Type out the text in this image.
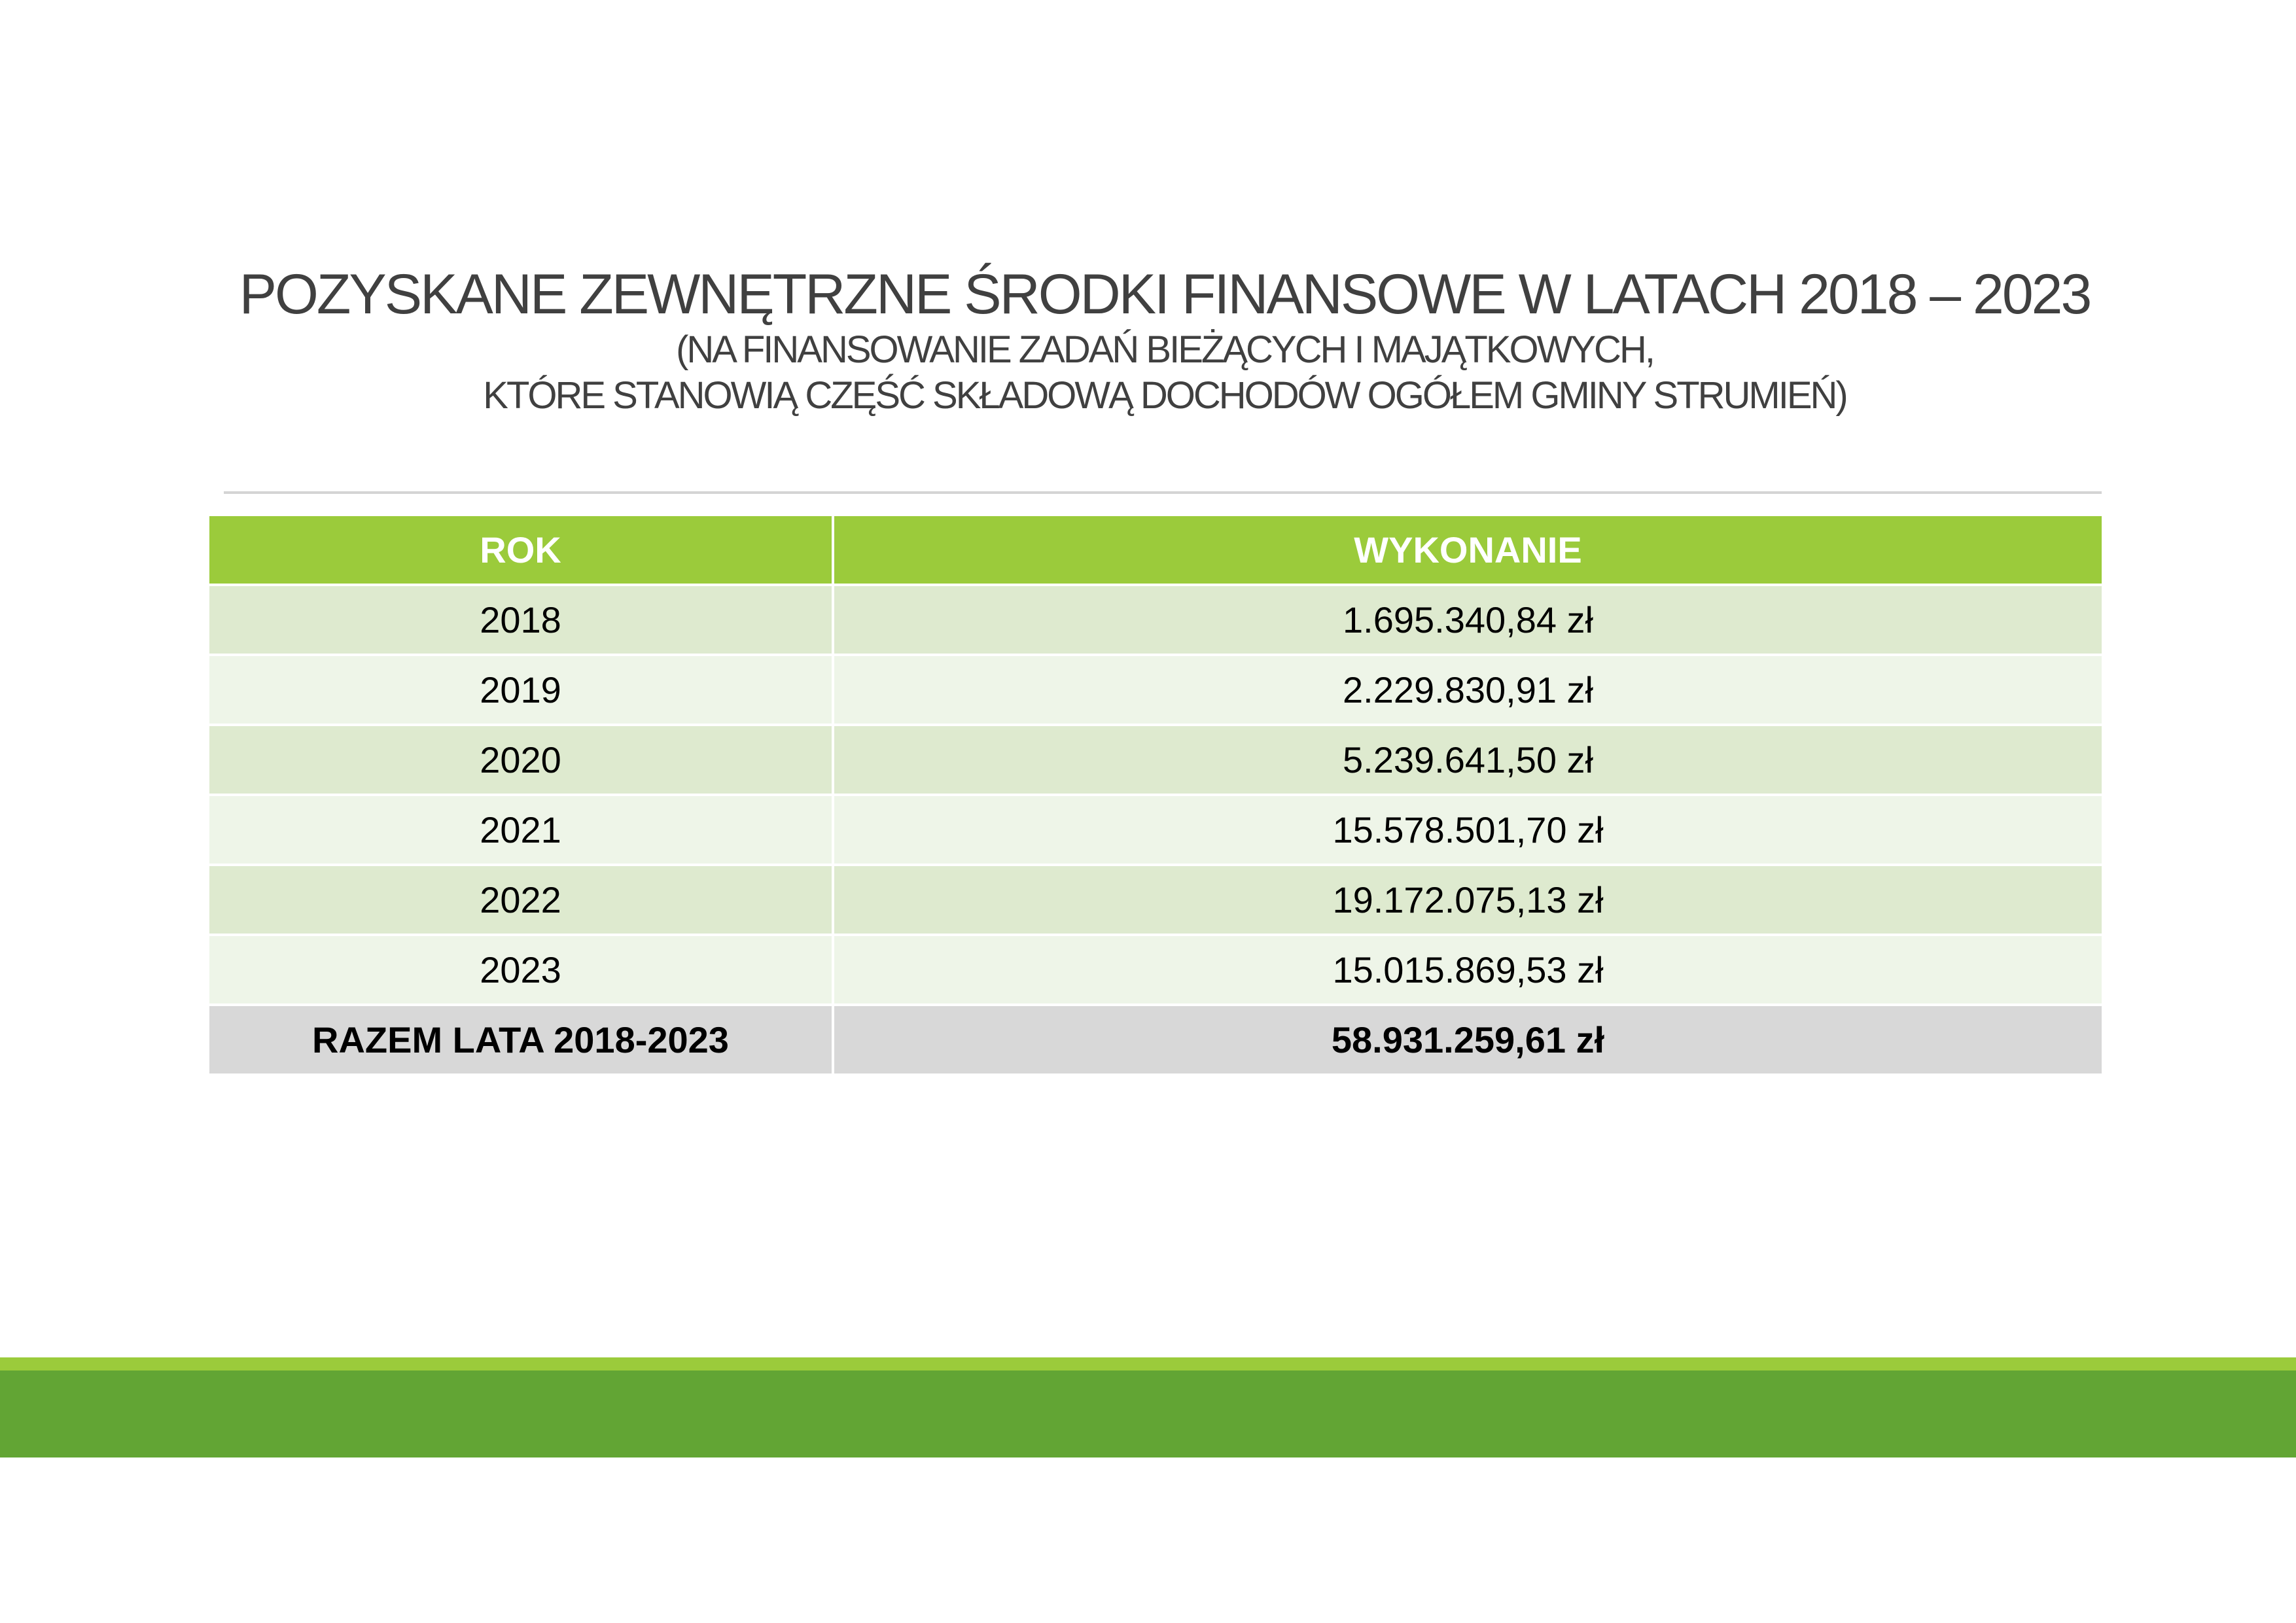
POZYSKANE ZEWNĘTRZNE ŚRODKI FINANSOWE W LATACH 2018 – 2023
(NA FINANSOWANIE ZADAŃ BIEŻĄCYCH I MAJĄTKOWYCH,
KTÓRE STANOWIĄ CZĘŚĆ SKŁADOWĄ DOCHODÓW OGÓŁEM GMINY STRUMIEŃ)
ROK	WYKONANIE
2018	1.695.340,84 zł
2019	2.229.830,91 zł
2020	5.239.641,50 zł
2021	15.578.501,70 zł
2022	19.172.075,13 zł
2023	15.015.869,53 zł
RAZEM LATA 2018-2023	58.931.259,61 zł
